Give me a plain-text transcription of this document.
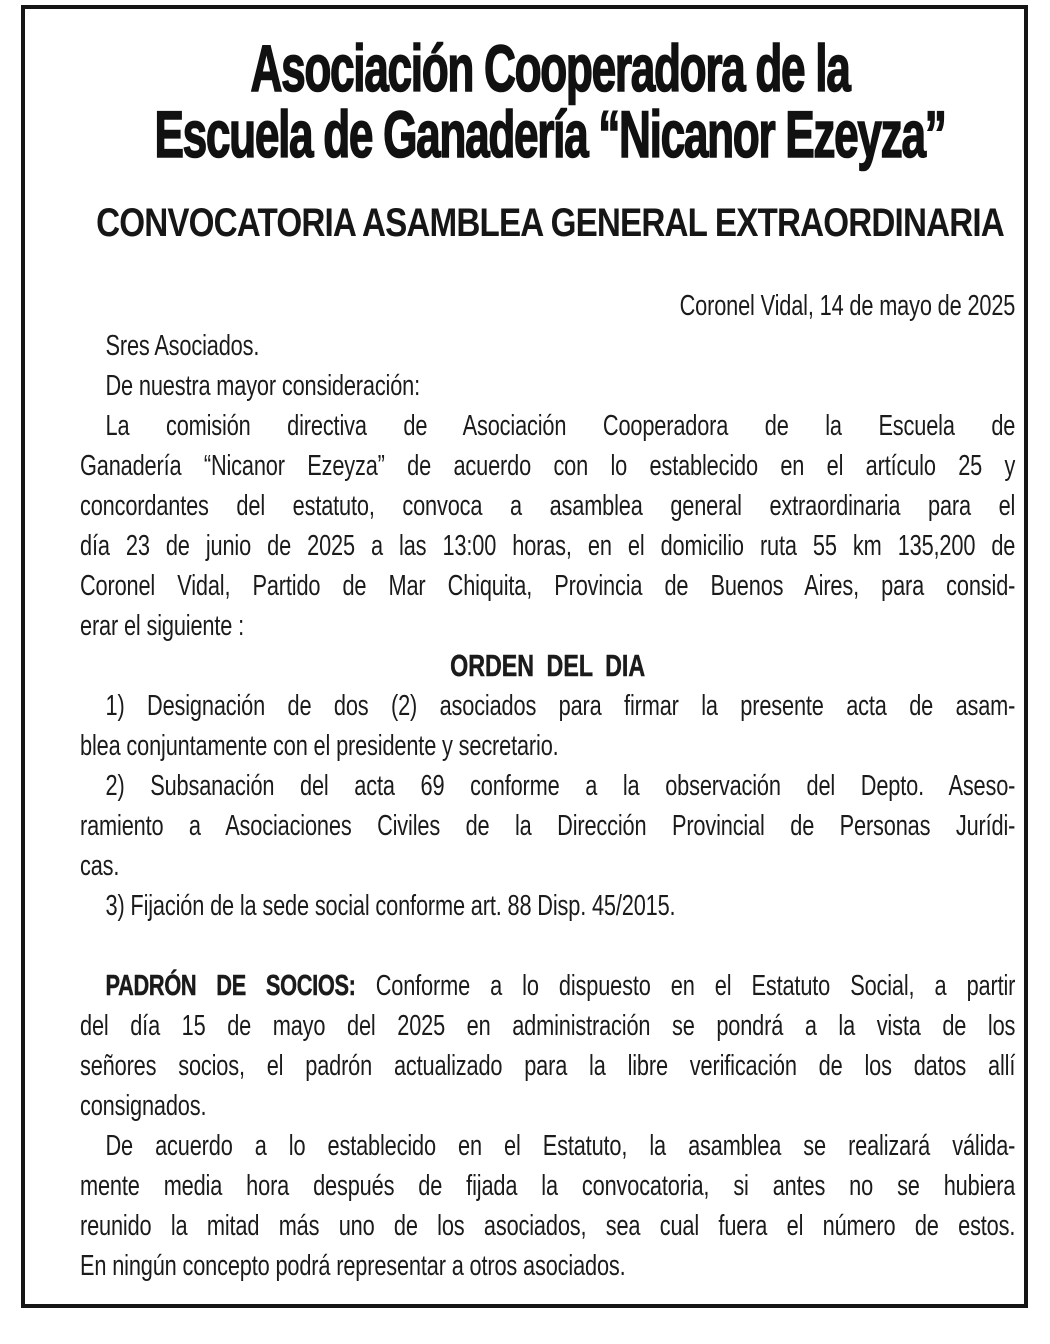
Asociación Cooperadora de la
Escuela de Ganadería “Nicanor Ezeyza”
CONVOCATORIA ASAMBLEA GENERAL EXTRAORDINARIA
Coronel Vidal, 14 de mayo de 2025
Sres Asociados.
De nuestra mayor consideración:
La comisión directiva de Asociación Cooperadora de la Escuela de
Ganadería “Nicanor Ezeyza” de acuerdo con lo establecido en el artículo 25 y
concordantes del estatuto, convoca a asamblea general extraordinaria para el
día 23 de junio de 2025 a las 13:00 horas, en el domicilio ruta 55 km 135,200 de
Coronel Vidal, Partido de Mar Chiquita, Provincia de Buenos Aires, para consid-
erar el siguiente :
ORDEN DEL DIA
1) Designación de dos (2) asociados para firmar la presente acta de asam-
blea conjuntamente con el presidente y secretario.
2) Subsanación del acta 69 conforme a la observación del Depto. Aseso-
ramiento a Asociaciones Civiles de la Dirección Provincial de Personas Jurídi-
cas.
3) Fijación de la sede social conforme art. 88 Disp. 45/2015.
PADRÓN DE SOCIOS: Conforme a lo dispuesto en el Estatuto Social, a partir
del día 15 de mayo del 2025 en administración se pondrá a la vista de los
señores socios, el padrón actualizado para la libre verificación de los datos allí
consignados.
De acuerdo a lo establecido en el Estatuto, la asamblea se realizará válida-
mente media hora después de fijada la convocatoria, si antes no se hubiera
reunido la mitad más uno de los asociados, sea cual fuera el número de estos.
En ningún concepto podrá representar a otros asociados.
